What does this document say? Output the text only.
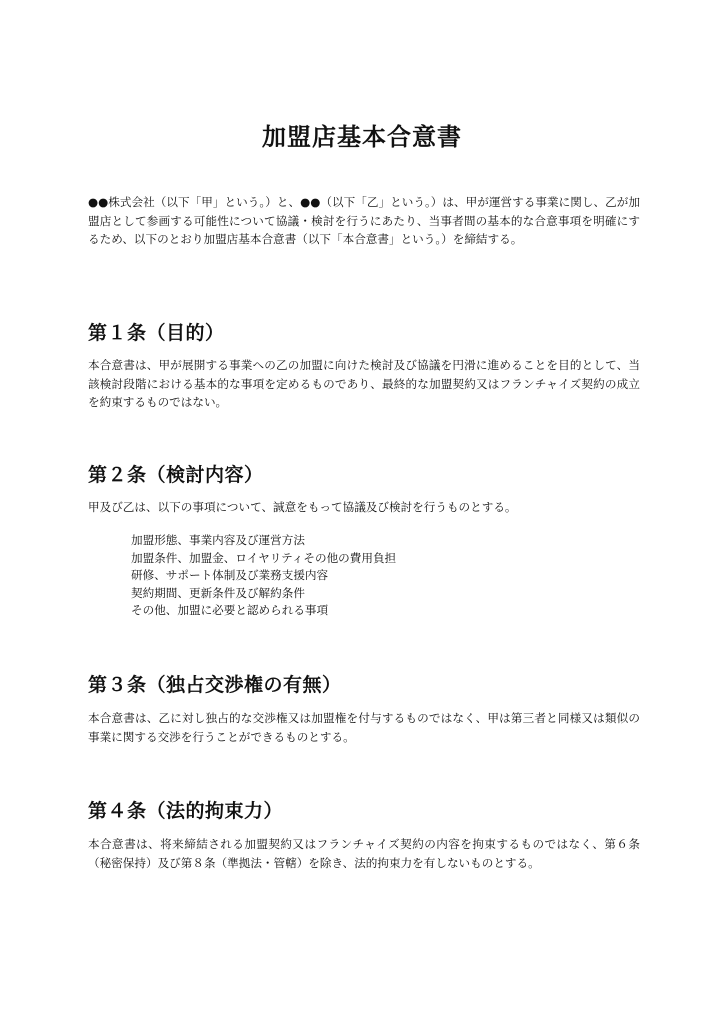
加盟店基本合意書

●●株式会社（以下「甲」という。）と、●●（以下「乙」という。）は、甲が運営する事業に関し、乙が加盟店として参画する可能性について協議・検討を行うにあたり、当事者間の基本的な合意事項を明確にするため、以下のとおり加盟店基本合意書（以下「本合意書」という。）を締結する。

第１条（目的）

本合意書は、甲が展開する事業への乙の加盟に向けた検討及び協議を円滑に進めることを目的として、当該検討段階における基本的な事項を定めるものであり、最終的な加盟契約又はフランチャイズ契約の成立を約束するものではない。

第２条（検討内容）

甲及び乙は、以下の事項について、誠意をもって協議及び検討を行うものとする。

加盟形態、事業内容及び運営方法
加盟条件、加盟金、ロイヤリティその他の費用負担
研修、サポート体制及び業務支援内容
契約期間、更新条件及び解約条件
その他、加盟に必要と認められる事項
第３条（独占交渉権の有無）

本合意書は、乙に対し独占的な交渉権又は加盟権を付与するものではなく、甲は第三者と同様又は類似の事業に関する交渉を行うことができるものとする。

第４条（法的拘束力）

本合意書は、将来締結される加盟契約又はフランチャイズ契約の内容を拘束するものではなく、第６条（秘密保持）及び第８条（準拠法・管轄）を除き、法的拘束力を有しないものとする。
